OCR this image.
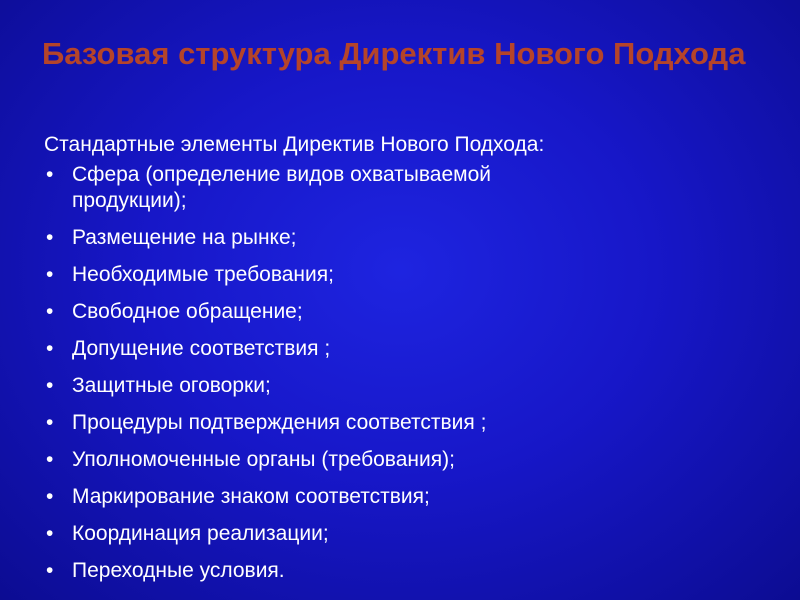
Базовая структура Директив Нового Подхода
Стандартные элементы Директив Нового Подхода:
• Сфера (определение видов охватываемой продукции);
• Размещение на рынке;
• Необходимые требования;
• Свободное обращение;
• Допущение соответствия ;
• Защитные оговорки;
• Процедуры подтверждения соответствия ;
• Уполномоченные органы (требования);
• Маркирование знаком соответствия;
• Координация реализации;
• Переходные условия.
